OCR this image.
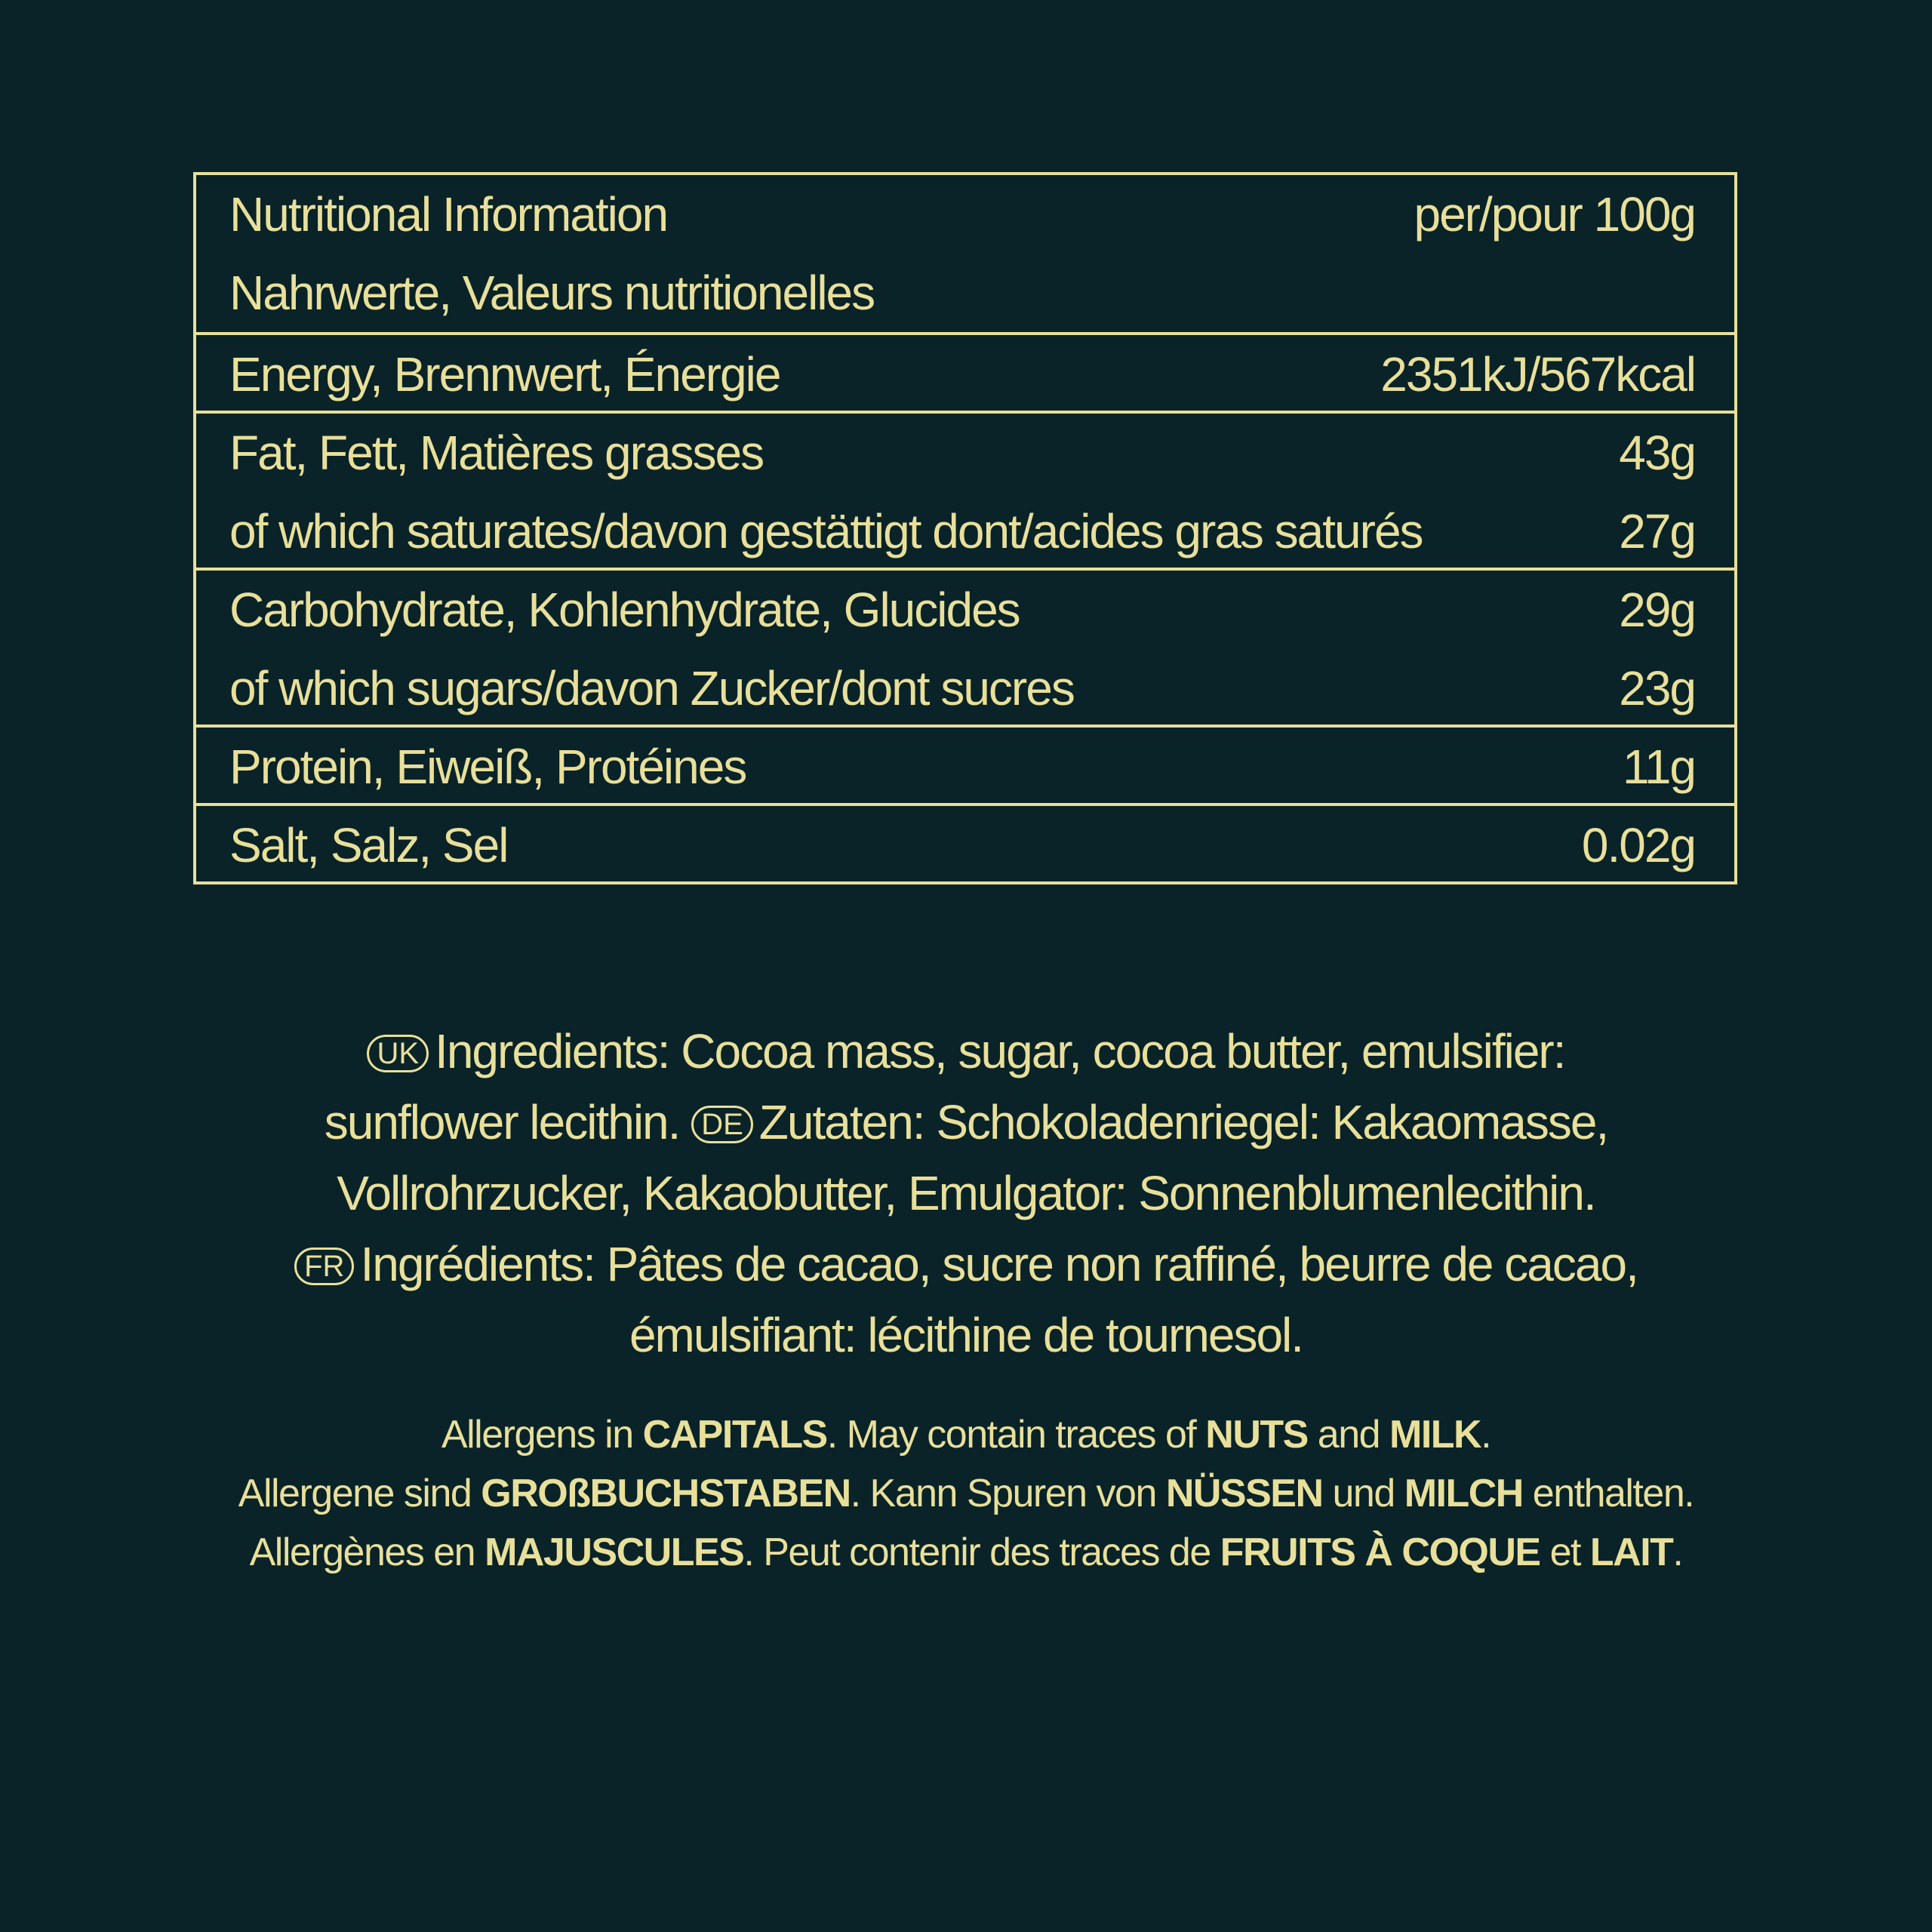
Nutritional Information	per/pour 100g
Nahrwerte, Valeurs nutritionelles
Energy, Brennwert, Énergie	2351kJ/567kcal
Fat, Fett, Matières grasses	43g
of which saturates/davon gestättigt dont/acides gras saturés	27g
Carbohydrate, Kohlenhydrate, Glucides	29g
of which sugars/davon Zucker/dont sucres	23g
Protein, Eiweiß, Protéines	11g
Salt, Salz, Sel	0.02g
UK Ingredients: Cocoa mass, sugar, cocoa butter, emulsifier:
sunflower lecithin. DE Zutaten: Schokoladenriegel: Kakaomasse,
Vollrohrzucker, Kakaobutter, Emulgator: Sonnenblumenlecithin.
FR Ingrédients: Pâtes de cacao, sucre non raffiné, beurre de cacao,
émulsifiant: lécithine de tournesol.
Allergens in CAPITALS. May contain traces of NUTS and MILK.
Allergene sind GROßBUCHSTABEN. Kann Spuren von NÜSSEN und MILCH enthalten.
Allergènes en MAJUSCULES. Peut contenir des traces de FRUITS À COQUE et LAIT.
